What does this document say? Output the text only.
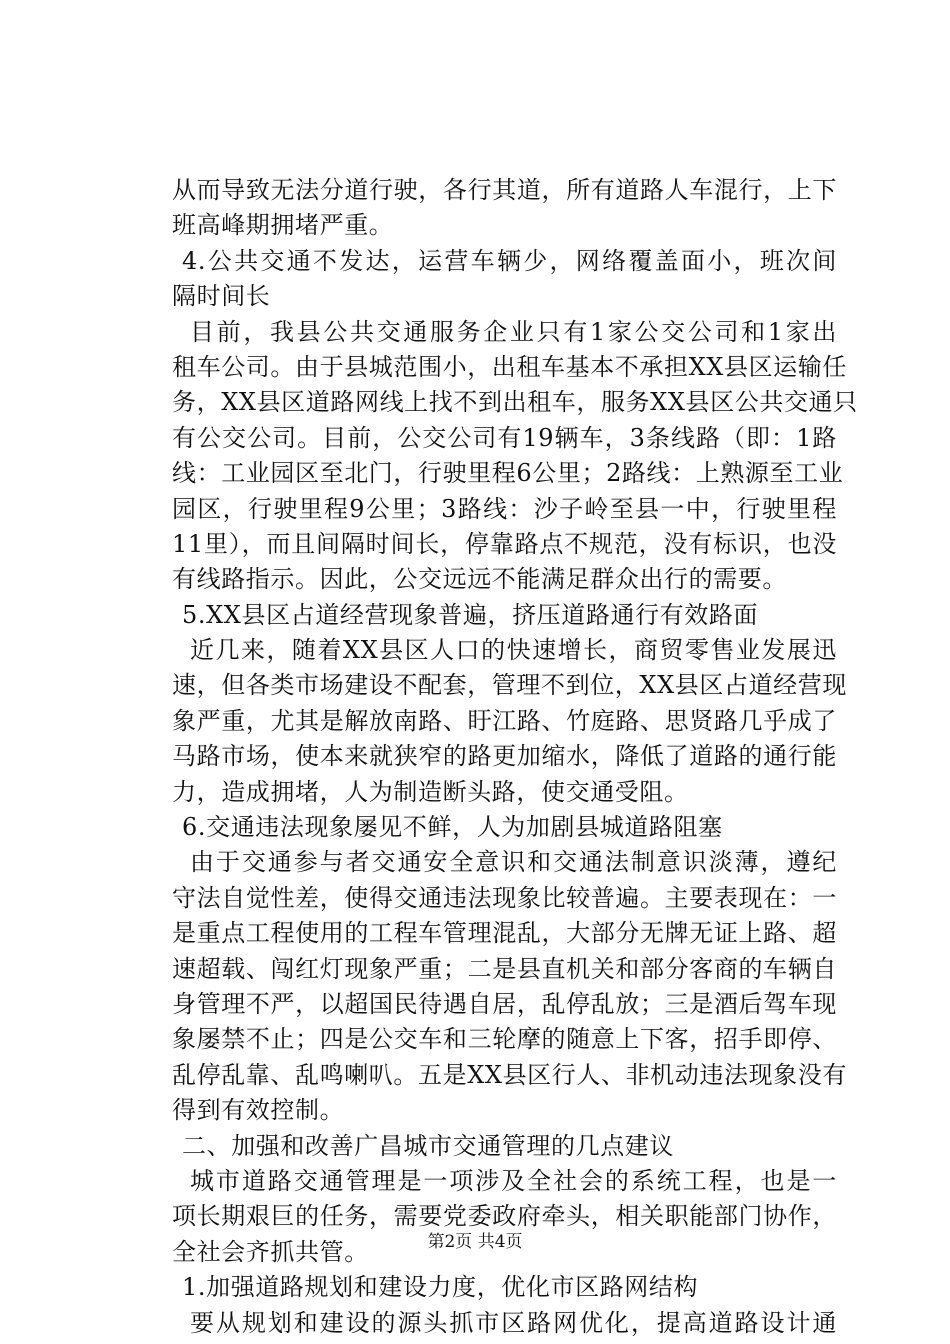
从而导致无法分道行驶，各行其道，所有道路人车混行，上下
班高峰期拥堵严重。
4.公共交通不发达，运营车辆少，网络覆盖面小，班次间
隔时间长
目前，我县公共交通服务企业只有1家公交公司和1家出
租车公司。由于县城范围小，出租车基本不承担XX县区运输任
务，XX县区道路网线上找不到出租车，服务XX县区公共交通只
有公交公司。目前，公交公司有19辆车，3条线路（即：1路
线：工业园区至北门，行驶里程6公里；2路线：上熟源至工业
园区，行驶里程9公里；3路线：沙子岭至县一中，行驶里程
11里），而且间隔时间长，停靠路点不规范，没有标识，也没
有线路指示。因此，公交远远不能满足群众出行的需要。
5.XX县区占道经营现象普遍，挤压道路通行有效路面
近几来，随着XX县区人口的快速增长，商贸零售业发展迅
速，但各类市场建设不配套，管理不到位，XX县区占道经营现
象严重，尤其是解放南路、盱江路、竹庭路、思贤路几乎成了
马路市场，使本来就狭窄的路更加缩水，降低了道路的通行能
力，造成拥堵，人为制造断头路，使交通受阻。
6.交通违法现象屡见不鲜，人为加剧县城道路阻塞
由于交通参与者交通安全意识和交通法制意识淡薄，遵纪
守法自觉性差，使得交通违法现象比较普遍。主要表现在：一
是重点工程使用的工程车管理混乱，大部分无牌无证上路、超
速超载、闯红灯现象严重；二是县直机关和部分客商的车辆自
身管理不严，以超国民待遇自居，乱停乱放；三是酒后驾车现
象屡禁不止；四是公交车和三轮摩的随意上下客，招手即停、
乱停乱靠、乱鸣喇叭。五是XX县区行人、非机动违法现象没有
得到有效控制。
二、加强和改善广昌城市交通管理的几点建议
城市道路交通管理是一项涉及全社会的系统工程，也是一
项长期艰巨的任务，需要党委政府牵头，相关职能部门协作，
全社会齐抓共管。
1.加强道路规划和建设力度，优化市区路网结构
要从规划和建设的源头抓市区路网优化，提高道路设计通
第2页 共4页
